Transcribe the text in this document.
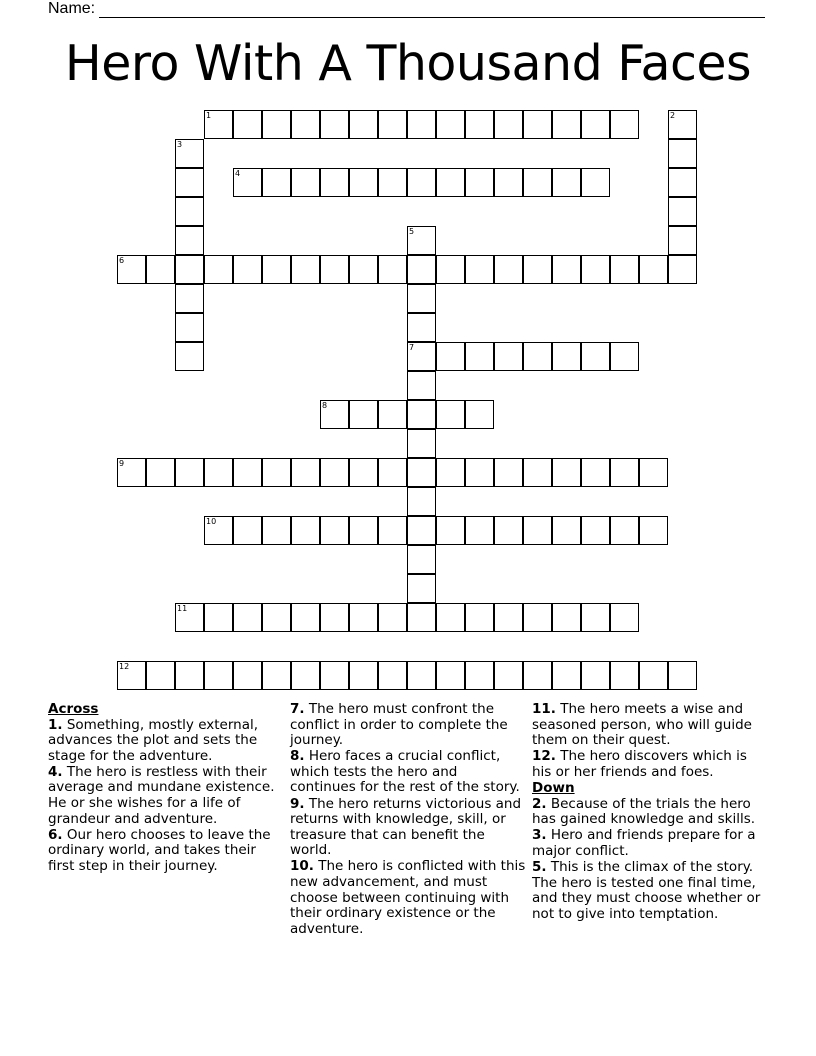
Name:
Hero With A Thousand Faces
1	2
3
4
5
7
6
8
9
10
11
12
Across
1. Something, mostly external, advances the plot and sets the stage for the adventure.
4. The hero is restless with their average and mundane existence. He or she wishes for a life of grandeur and adventure.
6. Our hero chooses to leave the ordinary world, and takes their first step in their journey.
7. The hero must confront the conflict in order to complete the journey.
8. Hero faces a crucial conflict, which tests the hero and continues for the rest of the story.
9. The hero returns victorious and returns with knowledge, skill, or treasure that can benefit the world.
10. The hero is conflicted with this new advancement, and must choose between continuing with their ordinary existence or the adventure.
11. The hero meets a wise and seasoned person, who will guide them on their quest.
12. The hero discovers which is his or her friends and foes.
Down
2. Because of the trials the hero has gained knowledge and skills.
3. Hero and friends prepare for a major conflict.
5. This is the climax of the story. The hero is tested one final time, and they must choose whether or not to give into temptation.
